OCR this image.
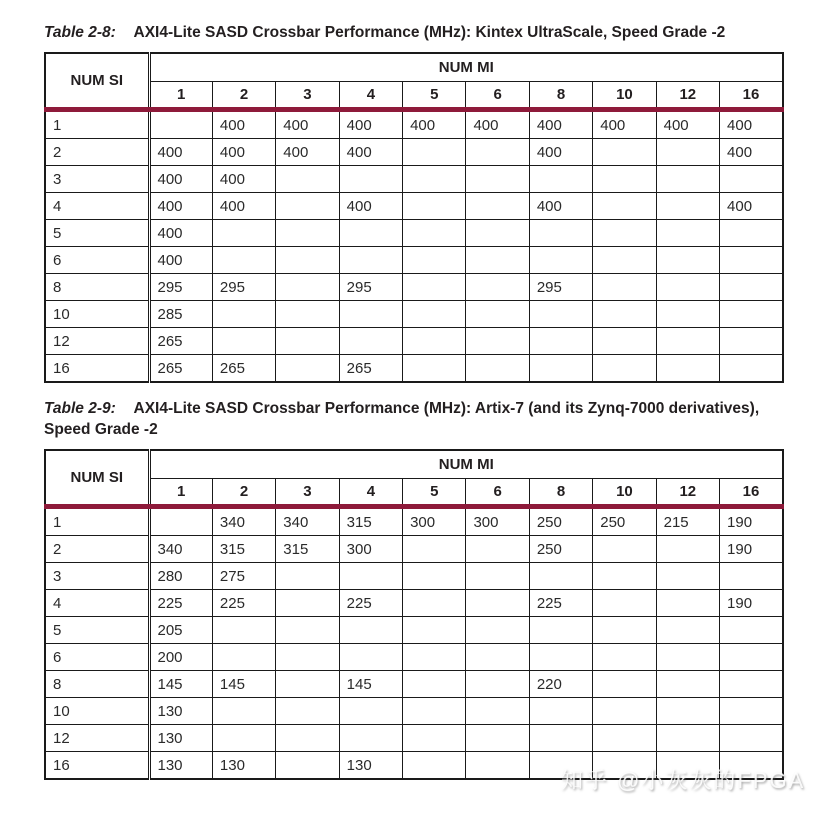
Table 2-8: AXI4-Lite SASD Crossbar Performance (MHz): Kintex UltraScale, Speed Grade -2

NUM SI	NUM MI									
	1	2	3	4	5	6	8	10	12	16
1		400	400	400	400	400	400	400	400	400
2	400	400	400	400			400			400
3	400	400								
4	400	400		400			400			400
5	400									
6	400									
8	295	295		295			295			
10	285									
12	265									
16	265	265		265						

Table 2-9: AXI4-Lite SASD Crossbar Performance (MHz): Artix-7 (and its Zynq-7000 derivatives), Speed Grade -2

NUM SI	NUM MI									
	1	2	3	4	5	6	8	10	12	16
1		340	340	315	300	300	250	250	215	190
2	340	315	315	300			250			190
3	280	275								
4	225	225		225			225			190
5	205									
6	200									
8	145	145		145			220			
10	130									
12	130									
16	130	130		130						
知乎 @小灰灰的FPGA
